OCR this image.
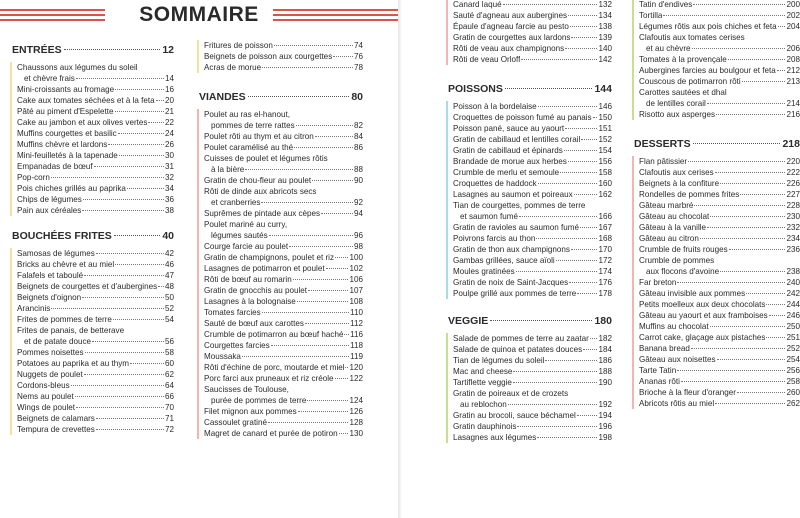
SOMMAIRE
ENTRÉES	12
Chaussons aux légumes du soleil
et chèvre frais	14
Mini-croissants au fromage	16
Cake aux tomates séchées et à la feta 20
Pâté au piment d'Espelette	21
Cake au jambon et aux olives vertes 22
Muffins courgettes et basilic	24
Muffins chèvre et lardons	26
Mini-feuilletés à la tapenade	30
Empanadas de bœuf	31
Pop-corn	32
Pois chiches grillés au paprika	34
Chips de légumes	36
Pain aux céréales	38
BOUCHÉES FRITES	40
Samosas de légumes	42
Bricks au chèvre et au miel	46
Falafels et taboulé	47
Beignets de courgettes et d'aubergines 48
Beignets d'oignon	50
Arancinis	52
Frites de pommes de terre	54
Frites de panais, de betterave
et de patate douce	56
Pommes noisettes	58
Potatoes au paprika et au thym	60
Nuggets de poulet	62
Cordons-bleus	64
Nems au poulet	66
Wings de poulet	70
Beignets de calamars	71
Tempura de crevettes	72
Fritures de poisson	74
Beignets de poisson aux courgettes	76
Acras de morue	78
VIANDES	80
Poulet au ras el-hanout,
pommes de terre rattes	82
Poulet rôti au thym et au citron	84
Poulet caramélisé au thé	86
Cuisses de poulet et légumes rôtis
à la bière	88
Gratin de chou-fleur au poulet	90
Rôti de dinde aux abricots secs
et cranberries	92
Suprêmes de pintade aux cèpes	94
Poulet mariné au curry,
légumes sautés	96
Courge farcie au poulet	98
Gratin de champignons, poulet et riz 100
Lasagnes de potimarron et poulet	102
Rôti de bœuf au romarin	106
Gratin de gnocchis au poulet	107
Lasagnes à la bolognaise	108
Tomates farcies	110
Sauté de bœuf aux carottes	112
Crumble de potimarron au bœuf haché 116
Courgettes farcies	118
Moussaka	119
Rôti d'échine de porc, moutarde et miel 120
Porc farci aux pruneaux et riz créole 122
Saucisses de Toulouse,
purée de pommes de terre	124
Filet mignon aux pommes	126
Cassoulet gratiné	128
Magret de canard et purée de potiron 130
Canard laqué	132
Sauté d'agneau aux aubergines	134
Épaule d'agneau farcie au pesto	138
Gratin de courgettes aux lardons	139
Rôti de veau aux champignons	140
Rôti de veau Orloff	142
POISSONS	144
Poisson à la bordelaise	146
Croquettes de poisson fumé au panais 150
Poisson pané, sauce au yaourt	151
Gratin de cabillaud et lentilles corail 152
Gratin de cabillaud et épinards	154
Brandade de morue aux herbes	156
Crumble de merlu et semoule	158
Croquettes de haddock	160
Lasagnes au saumon et poireaux	162
Tian de courgettes, pommes de terre
et saumon fumé	166
Gratin de ravioles au saumon fumé 167
Poivrons farcis au thon	168
Gratin de thon aux champignons	170
Gambas grillées, sauce aïoli	172
Moules gratinées	174
Gratin de noix de Saint-Jacques	176
Poulpe grillé aux pommes de terre	178
VEGGIE	180
Salade de pommes de terre au zaatar 182
Salade de quinoa et patates douces 184
Tian de légumes du soleil	186
Mac and cheese	188
Tartiflette veggie	190
Gratin de poireaux et de crozets
au reblochon	192
Gratin au brocoli, sauce béchamel	194
Gratin dauphinois	196
Lasagnes aux légumes	198
Tatin d'endives	200
Tortilla	202
Légumes rôtis aux pois chiches et feta 204
Clafoutis aux tomates cerises
et au chèvre	206
Tomates à la provençale	208
Aubergines farcies au boulgour et feta 212
Couscous de potimarron rôti	213
Carottes sautées et dhal
de lentilles corail	214
Risotto aux asperges	216
DESSERTS	218
Flan pâtissier	220
Clafoutis aux cerises	222
Beignets à la confiture	226
Rondelles de pommes frites	227
Gâteau marbré	228
Gâteau au chocolat	230
Gâteau à la vanille	232
Gâteau au citron	234
Crumble de fruits rouges	236
Crumble de pommes
aux flocons d'avoine	238
Far breton	240
Gâteau invisible aux pommes	242
Petits moelleux aux deux chocolats	244
Gâteau au yaourt et aux framboises 246
Muffins au chocolat	250
Carrot cake, glaçage aux pistaches	251
Banana bread	252
Gâteau aux noisettes	254
Tarte Tatin	256
Ananas rôti	258
Brioche à la fleur d'oranger	260
Abricots rôtis au miel	262
